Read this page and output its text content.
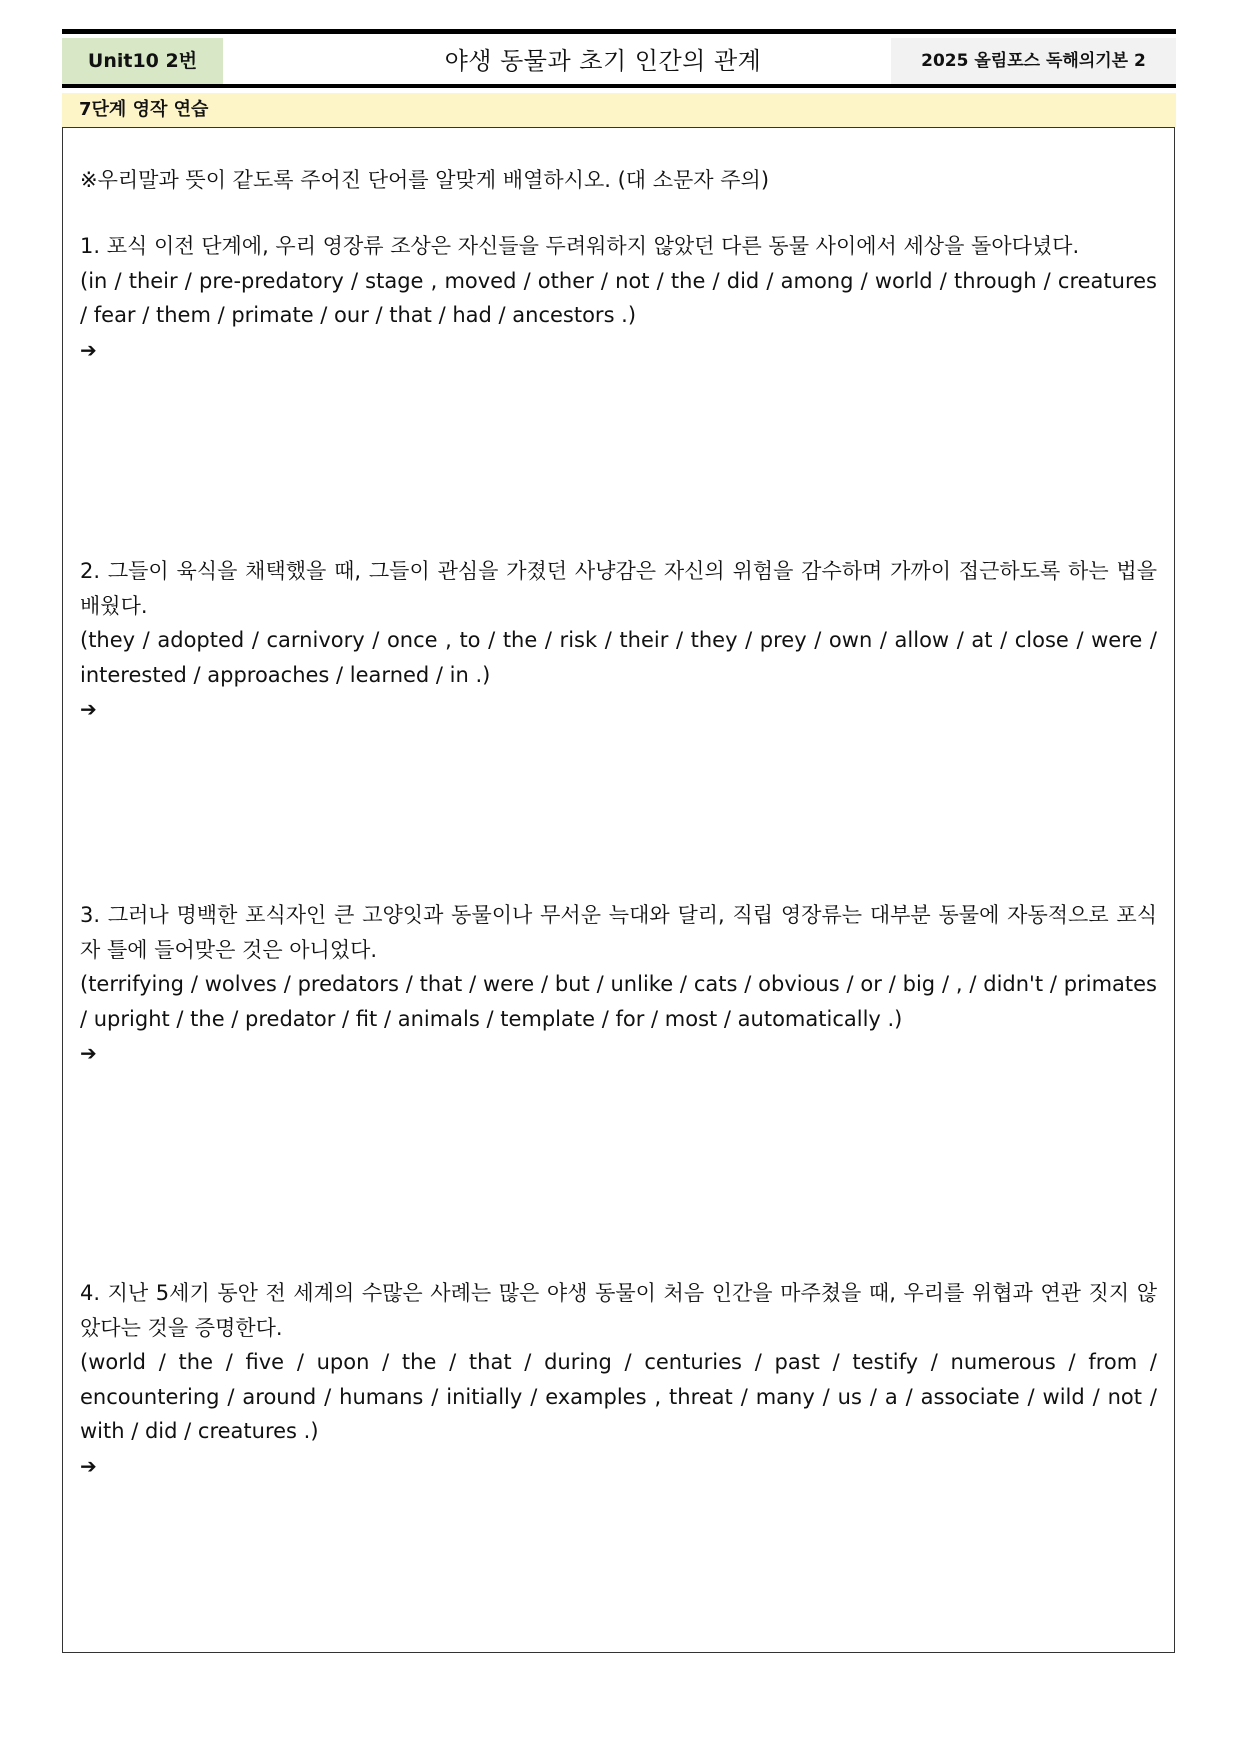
Unit10 2번	야생 동물과 초기 인간의 관계	2025 올림포스 독해의기본 2
7단계 영작 연습
※우리말과 뜻이 같도록 주어진 단어를 알맞게 배열하시오. (대 소문자 주의)
1. 포식 이전 단계에, 우리 영장류 조상은 자신들을 두려워하지 않았던 다른 동물 사이에서 세상을 돌아다녔다.
(in / their / pre-predatory / stage , moved / other / not / the / did / among / world / through / creatures / fear / them / primate / our / that / had / ancestors .)
➔
2. 그들이 육식을 채택했을 때, 그들이 관심을 가졌던 사냥감은 자신의 위험을 감수하며 가까이 접근하도록 하는 법을 배웠다.
(they / adopted / carnivory / once , to / the / risk / their / they / prey / own / allow / at / close / were / interested / approaches / learned / in .)
➔
3. 그러나 명백한 포식자인 큰 고양잇과 동물이나 무서운 늑대와 달리, 직립 영장류는 대부분 동물에 자동적으로 포식자 틀에 들어맞은 것은 아니었다.
(terrifying / wolves / predators / that / were / but / unlike / cats / obvious / or / big / , / didn't / primates / upright / the / predator / fit / animals / template / for / most / automatically .)
➔
4. 지난 5세기 동안 전 세계의 수많은 사례는 많은 야생 동물이 처음 인간을 마주쳤을 때, 우리를 위협과 연관 짓지 않았다는 것을 증명한다.
(world / the / five / upon / the / that / during / centuries / past / testify / numerous / from / encountering / around / humans / initially / examples , threat / many / us / a / associate / wild / not / with / did / creatures .)
➔
